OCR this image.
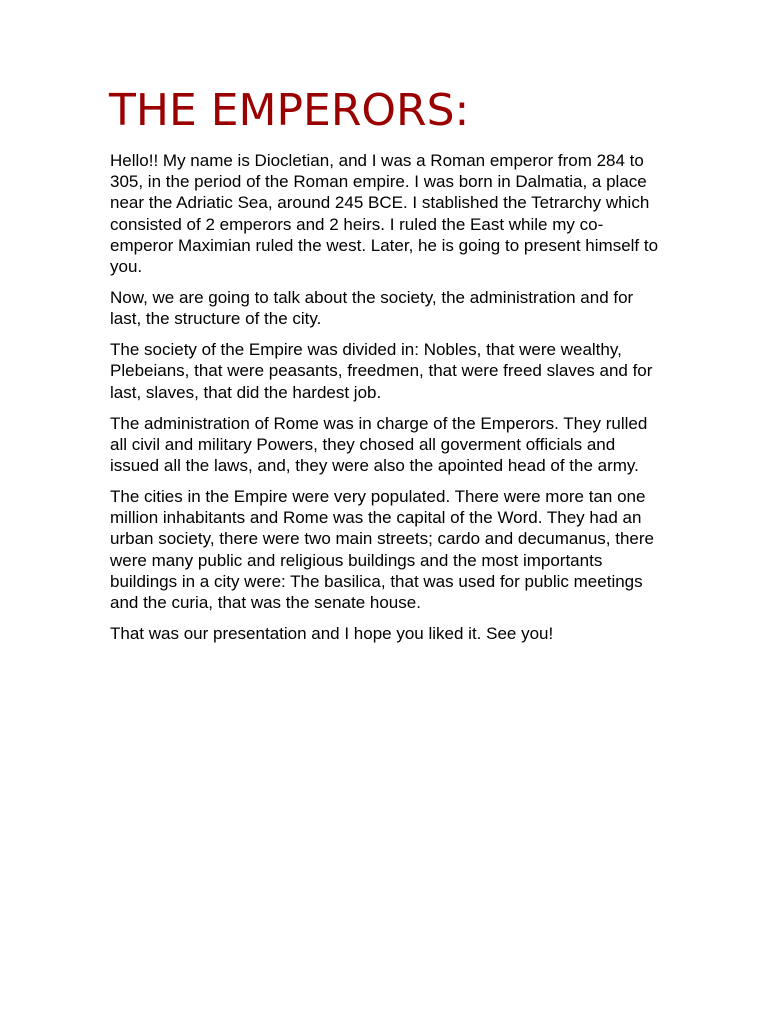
THE EMPERORS:

Hello!! My name is Diocletian, and I was a Roman emperor from 284 to 305, in the period of the Roman empire. I was born in Dalmatia, a place near the Adriatic Sea, around 245 BCE. I stablished the Tetrarchy which consisted of 2 emperors and 2 heirs. I ruled the East while my co-emperor Maximian ruled the west. Later, he is going to present himself to you.

Now, we are going to talk about the society, the administration and for last, the structure of the city.

The society of the Empire was divided in: Nobles, that were wealthy, Plebeians, that were peasants, freedmen, that were freed slaves and for last, slaves, that did the hardest job.

The administration of Rome was in charge of the Emperors. They rulled all civil and military Powers, they chosed all goverment officials and issued all the laws, and, they were also the apointed head of the army.

The cities in the Empire were very populated. There were more tan one million inhabitants and Rome was the capital of the Word. They had an urban society, there were two main streets; cardo and decumanus, there were many public and religious buildings and the most importants buildings in a city were: The basilica, that was used for public meetings and the curia, that was the senate house.

That was our presentation and I hope you liked it. See you!
